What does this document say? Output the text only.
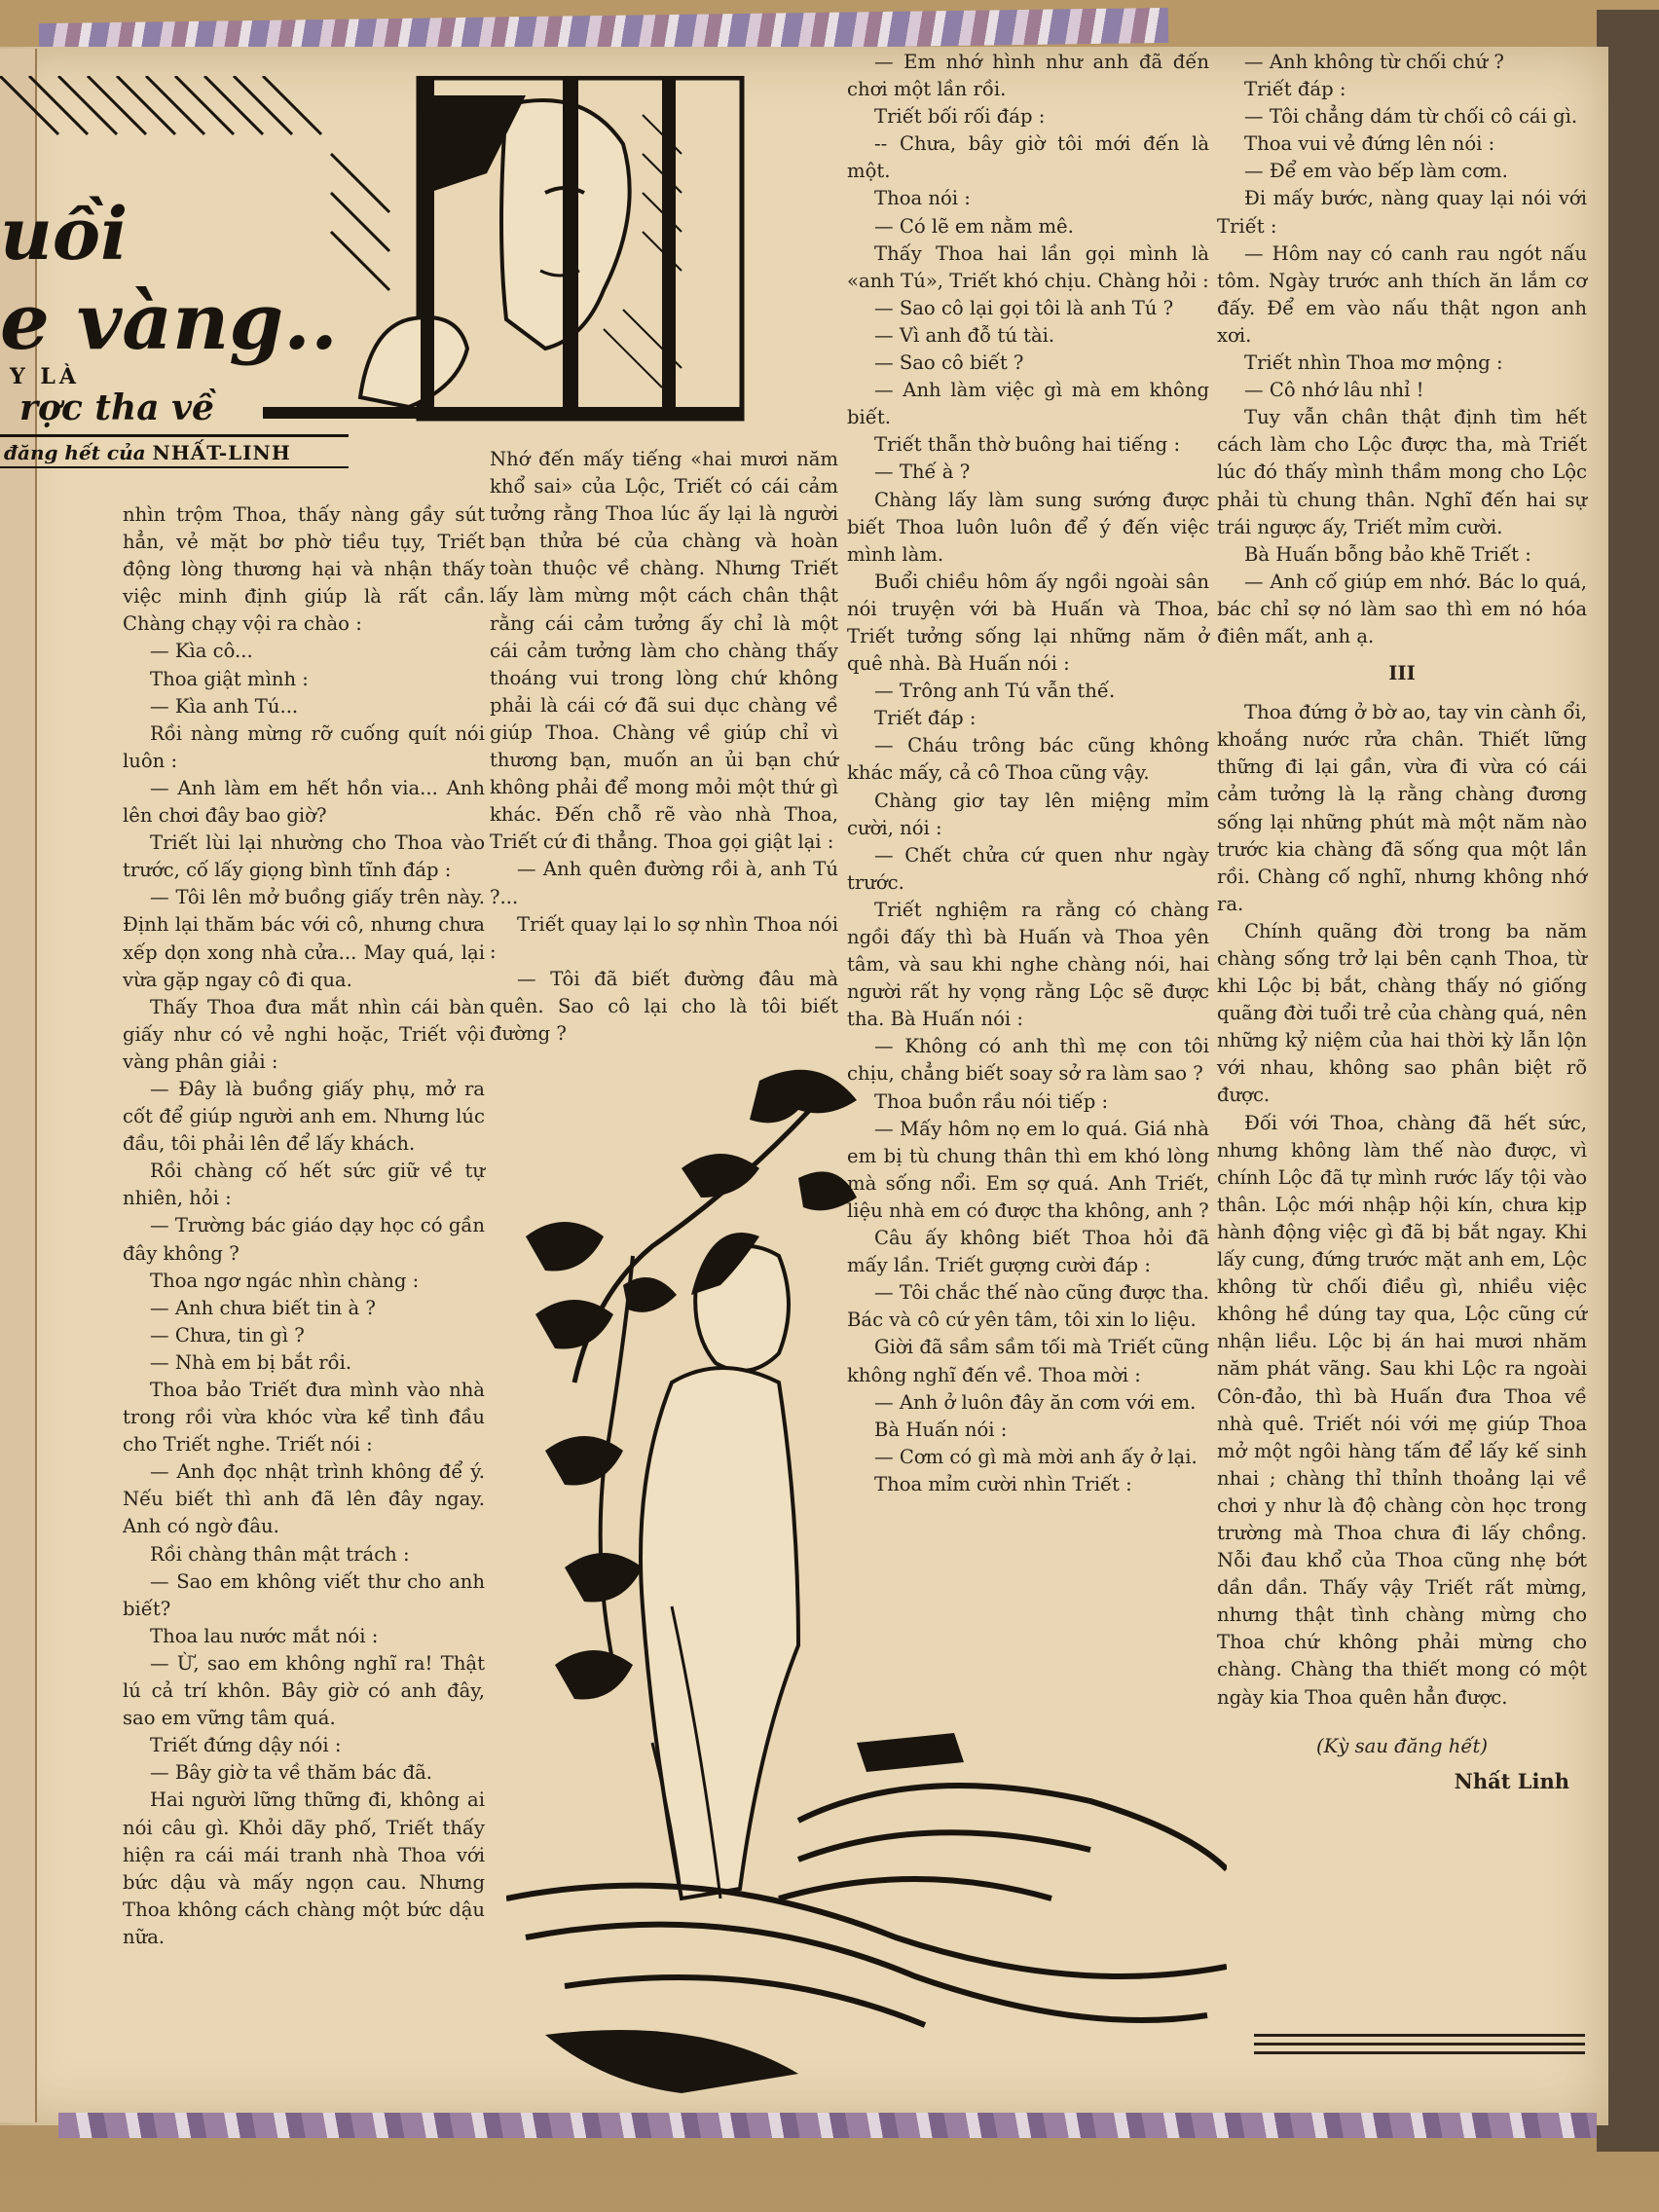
uồi
e vàng..
Y LÀ
rợc tha về
đăng hết của NHẤT-LINH

nhìn trộm Thoa, thấy nàng gầy sút hẳn, vẻ mặt bơ phờ tiều tụy, Triết động lòng thương hại và nhận thấy việc minh định giúp là rất cần. Chàng chạy vội ra chào :

— Kìa cô...

Thoa giật mình :

— Kìa anh Tú...

Rồi nàng mừng rỡ cuống quít nói luôn :

— Anh làm em hết hồn via... Anh lên chơi đây bao giờ?

Triết lùi lại nhường cho Thoa vào trước, cố lấy giọng bình tĩnh đáp :

— Tôi lên mở buồng giấy trên này. Định lại thăm bác với cô, nhưng chưa xếp dọn xong nhà cửa... May quá, lại vừa gặp ngay cô đi qua.

Thấy Thoa đưa mắt nhìn cái bàn giấy như có vẻ nghi hoặc, Triết vội vàng phân giải :

— Đây là buồng giấy phụ, mở ra cốt để giúp người anh em. Nhưng lúc đầu, tôi phải lên để lấy khách.

Rồi chàng cố hết sức giữ về tự nhiên, hỏi :

— Trường bác giáo dạy học có gần đây không ?

Thoa ngơ ngác nhìn chàng :

— Anh chưa biết tin à ?

— Chưa, tin gì ?

— Nhà em bị bắt rồi.

Thoa bảo Triết đưa mình vào nhà trong rồi vừa khóc vừa kể tình đầu cho Triết nghe. Triết nói :

— Anh đọc nhật trình không để ý. Nếu biết thì anh đã lên đây ngay. Anh có ngờ đâu.

Rồi chàng thân mật trách :

— Sao em không viết thư cho anh biết?

Thoa lau nước mắt nói :

— Ừ, sao em không nghĩ ra! Thật lú cả trí khôn. Bây giờ có anh đây, sao em vững tâm quá.

Triết đứng dậy nói :

— Bây giờ ta về thăm bác đã.

Hai người lững thững đi, không ai nói câu gì. Khỏi dãy phố, Triết thấy hiện ra cái mái tranh nhà Thoa với bức dậu và mấy ngọn cau. Nhưng Thoa không cách chàng một bức dậu nữa.

Nhớ đến mấy tiếng «hai mươi năm khổ sai» của Lộc, Triết có cái cảm tưởng rằng Thoa lúc ấy lại là người bạn thửa bé của chàng và hoàn toàn thuộc về chàng. Nhưng Triết lấy làm mừng một cách chân thật rằng cái cảm tưởng ấy chỉ là một cái cảm tưởng làm cho chàng thấy thoáng vui trong lòng chứ không phải là cái cớ đã sui dục chàng về giúp Thoa. Chàng về giúp chỉ vì thương bạn, muốn an ủi bạn chứ không phải để mong mỏi một thứ gì khác. Đến chỗ rẽ vào nhà Thoa, Triết cứ đi thẳng. Thoa gọi giật lại :

— Anh quên đường rồi à, anh Tú ?...

Triết quay lại lo sợ nhìn Thoa nói :

— Tôi đã biết đường đâu mà quên. Sao cô lại cho là tôi biết đường ?

— Em nhớ hình như anh đã đến chơi một lần rồi.

Triết bối rối đáp :

-- Chưa, bây giờ tôi mới đến là một.

Thoa nói :

— Có lẽ em nằm mê.

Thấy Thoa hai lần gọi mình là «anh Tú», Triết khó chịu. Chàng hỏi :

— Sao cô lại gọi tôi là anh Tú ?

— Vì anh đỗ tú tài.

— Sao cô biết ?

— Anh làm việc gì mà em không biết.

Triết thẫn thờ buông hai tiếng :

— Thế à ?

Chàng lấy làm sung sướng được biết Thoa luôn luôn để ý đến việc mình làm.

Buổi chiều hôm ấy ngồi ngoài sân nói truyện với bà Huấn và Thoa, Triết tưởng sống lại những năm ở quê nhà. Bà Huấn nói :

— Trông anh Tú vẫn thế.

Triết đáp :

— Cháu trông bác cũng không khác mấy, cả cô Thoa cũng vậy.

Chàng giơ tay lên miệng mỉm cười, nói :

— Chết chửa cứ quen như ngày trước.

Triết nghiệm ra rằng có chàng ngồi đấy thì bà Huấn và Thoa yên tâm, và sau khi nghe chàng nói, hai người rất hy vọng rằng Lộc sẽ được tha. Bà Huấn nói :

— Không có anh thì mẹ con tôi chịu, chẳng biết soay sở ra làm sao ?

Thoa buồn rầu nói tiếp :

— Mấy hôm nọ em lo quá. Giá nhà em bị tù chung thân thì em khó lòng mà sống nổi. Em sợ quá. Anh Triết, liệu nhà em có được tha không, anh ?

Câu ấy không biết Thoa hỏi đã mấy lần. Triết gượng cười đáp :

— Tôi chắc thế nào cũng được tha. Bác và cô cứ yên tâm, tôi xin lo liệu.

Giời đã sầm sầm tối mà Triết cũng không nghĩ đến về. Thoa mời :

— Anh ở luôn đây ăn cơm với em.

Bà Huấn nói :

— Cơm có gì mà mời anh ấy ở lại.

Thoa mỉm cười nhìn Triết :

— Anh không từ chối chứ ?

Triết đáp :

— Tôi chẳng dám từ chối cô cái gì.

Thoa vui vẻ đứng lên nói :

— Để em vào bếp làm cơm.

Đi mấy bước, nàng quay lại nói với Triết :

— Hôm nay có canh rau ngót nấu tôm. Ngày trước anh thích ăn lắm cơ đấy. Để em vào nấu thật ngon anh xơi.

Triết nhìn Thoa mơ mộng :

— Cô nhớ lâu nhỉ !

Tuy vẫn chân thật định tìm hết cách làm cho Lộc được tha, mà Triết lúc đó thấy mình thầm mong cho Lộc phải tù chung thân. Nghĩ đến hai sự trái ngược ấy, Triết mỉm cười.

Bà Huấn bỗng bảo khẽ Triết :

— Anh cố giúp em nhớ. Bác lo quá, bác chỉ sợ nó làm sao thì em nó hóa điên mất, anh ạ.

III

Thoa đứng ở bờ ao, tay vin cành ổi, khoắng nước rửa chân. Thiết lững thững đi lại gần, vừa đi vừa có cái cảm tưởng là lạ rằng chàng đương sống lại những phút mà một năm nào trước kia chàng đã sống qua một lần rồi. Chàng cố nghĩ, nhưng không nhớ ra.

Chính quãng đời trong ba năm chàng sống trở lại bên cạnh Thoa, từ khi Lộc bị bắt, chàng thấy nó giống quãng đời tuổi trẻ của chàng quá, nên những kỷ niệm của hai thời kỳ lẫn lộn với nhau, không sao phân biệt rõ được.

Đối với Thoa, chàng đã hết sức, nhưng không làm thế nào được, vì chính Lộc đã tự mình rước lấy tội vào thân. Lộc mới nhập hội kín, chưa kịp hành động việc gì đã bị bắt ngay. Khi lấy cung, đứng trước mặt anh em, Lộc không từ chối điều gì, nhiều việc không hề dúng tay qua, Lộc cũng cứ nhận liều. Lộc bị án hai mươi nhăm năm phát vãng. Sau khi Lộc ra ngoài Côn-đảo, thì bà Huấn đưa Thoa về nhà quê. Triết nói với mẹ giúp Thoa mở một ngôi hàng tấm để lấy kế sinh nhai ; chàng thỉ thỉnh thoảng lại về chơi y như là độ chàng còn học trong trường mà Thoa chưa đi lấy chồng. Nỗi đau khổ của Thoa cũng nhẹ bớt dần dần. Thấy vậy Triết rất mừng, nhưng thật tình chàng mừng cho Thoa chứ không phải mừng cho chàng. Chàng tha thiết mong có một ngày kia Thoa quên hẳn được.

(Kỳ sau đăng hết)

Nhất Linh
